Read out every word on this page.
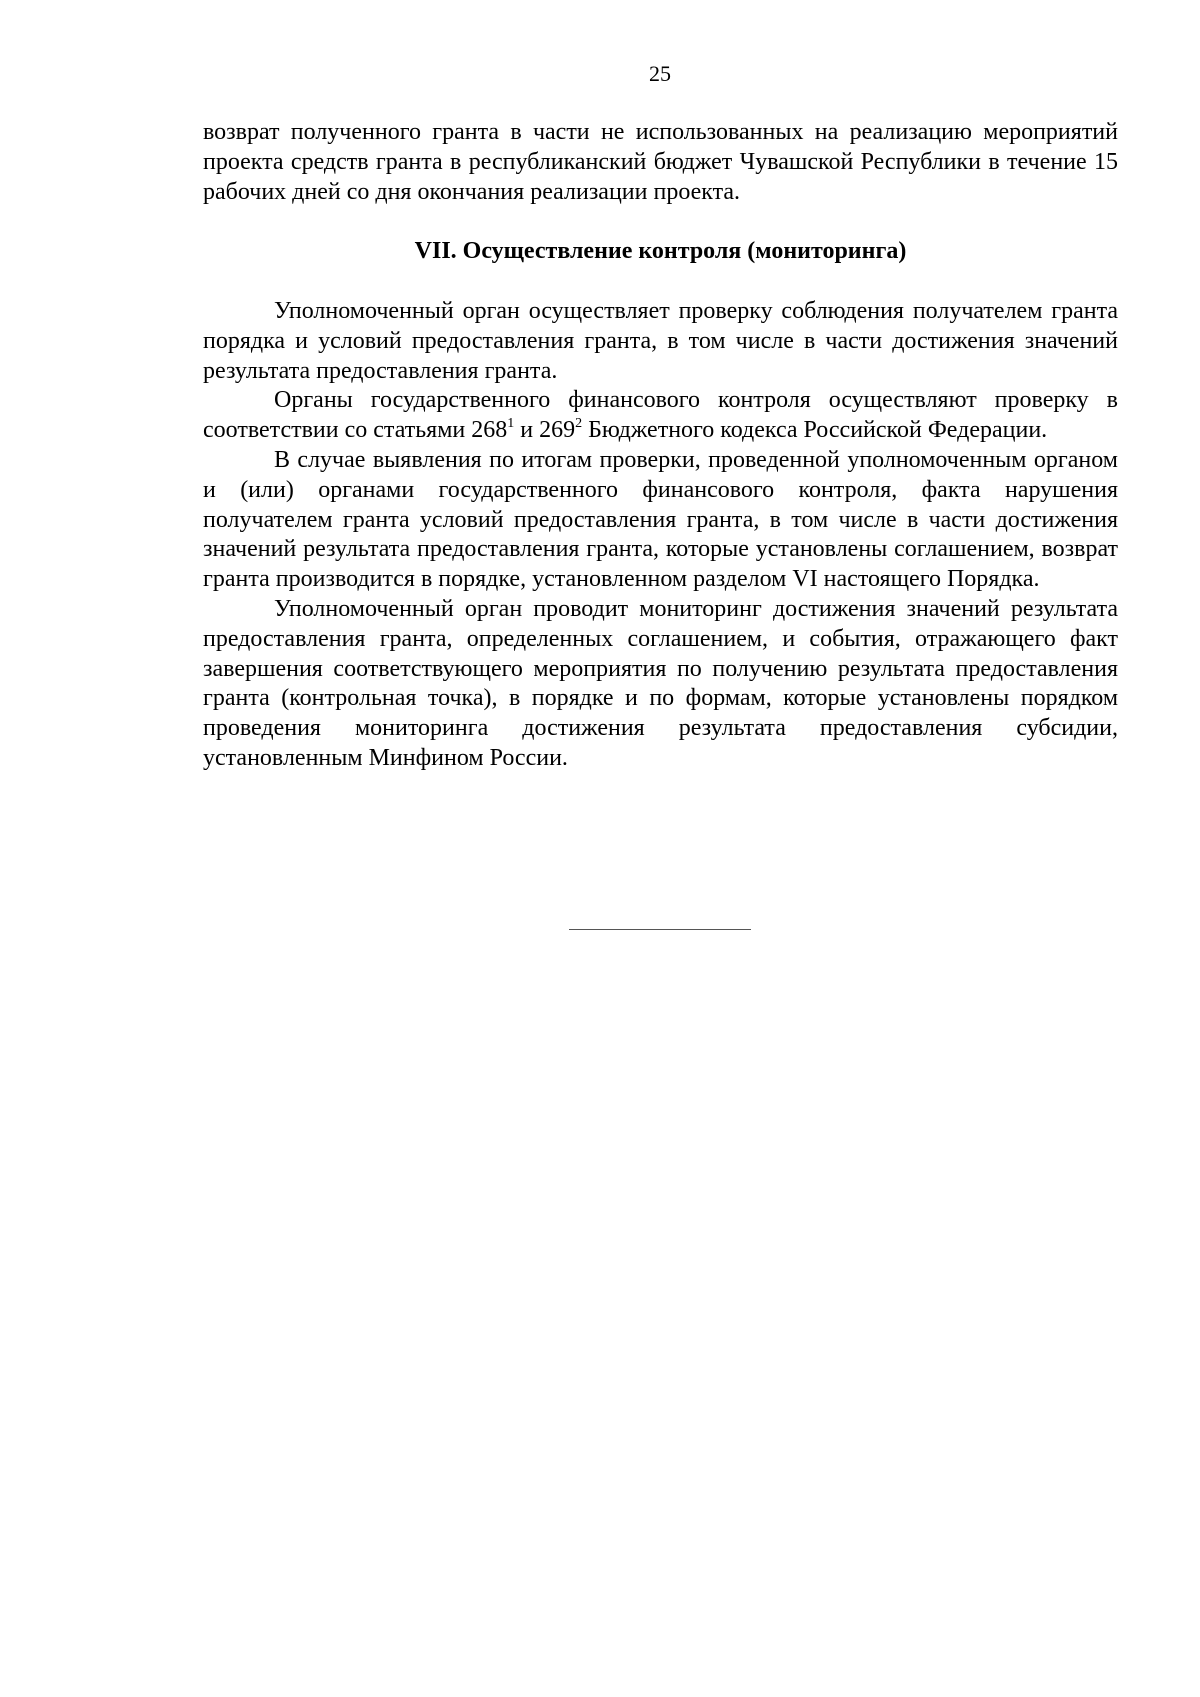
25

возврат полученного гранта в части не использованных на реализацию мероприятий проекта средств гранта в республиканский бюджет Чувашской Республики в течение 15 рабочих дней со дня окончания реализации проекта.

VII. Осуществление контроля (мониторинга)

Уполномоченный орган осуществляет проверку соблюдения получателем гранта порядка и условий предоставления гранта, в том числе в части достижения значений результата предоставления гранта.

Органы государственного финансового контроля осуществляют проверку в соответствии со статьями $268^1$ и $269^2$ Бюджетного кодекса Российской Федерации.

В случае выявления по итогам проверки, проведенной уполномоченным органом и (или) органами государственного финансового контроля, факта нарушения получателем гранта условий предоставления гранта, в том числе в части достижения значений результата предоставления гранта, которые установлены соглашением, возврат гранта производится в порядке, установленном разделом VI настоящего Порядка.

Уполномоченный орган проводит мониторинг достижения значений результата предоставления гранта, определенных соглашением, и события, отражающего факт завершения соответствующего мероприятия по получению результата предоставления гранта (контрольная точка), в порядке и по формам, которые установлены порядком проведения мониторинга достижения результата предоставления субсидии, установленным Минфином России.
